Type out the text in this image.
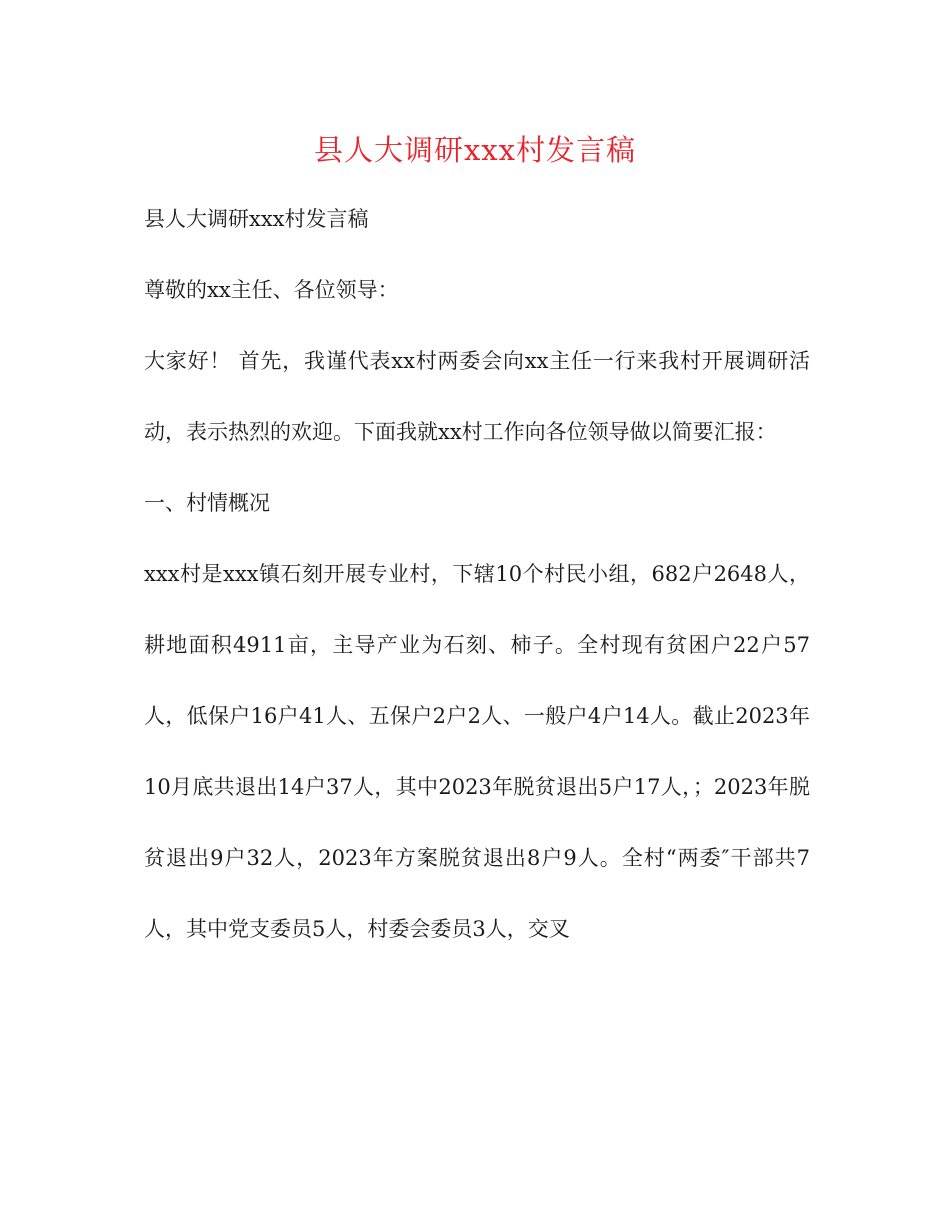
县人大调研xxx村发言稿

县人大调研xxx村发言稿

尊敬的xx主任、各位领导：

大家好！ 首先，我谨代表xx村两委会向xx主任一行来我村开展调研活动，表示热烈的欢迎。下面我就xx村工作向各位领导做以简要汇报：

一、村情概况

xxx村是xxx镇石刻开展专业村，下辖10个村民小组，682户2648人，耕地面积4911亩，主导产业为石刻、柿子。全村现有贫困户22户57人，低保户16户41人、五保户2户2人、一般户4户14人。截止2023年10月底共退出14户37人，其中2023年脱贫退出5户17人，；2023年脱贫退出9户32人，2023年方案脱贫退出8户9人。全村“两委″干部共7人，其中党支委员5人，村委会委员3人，交叉
